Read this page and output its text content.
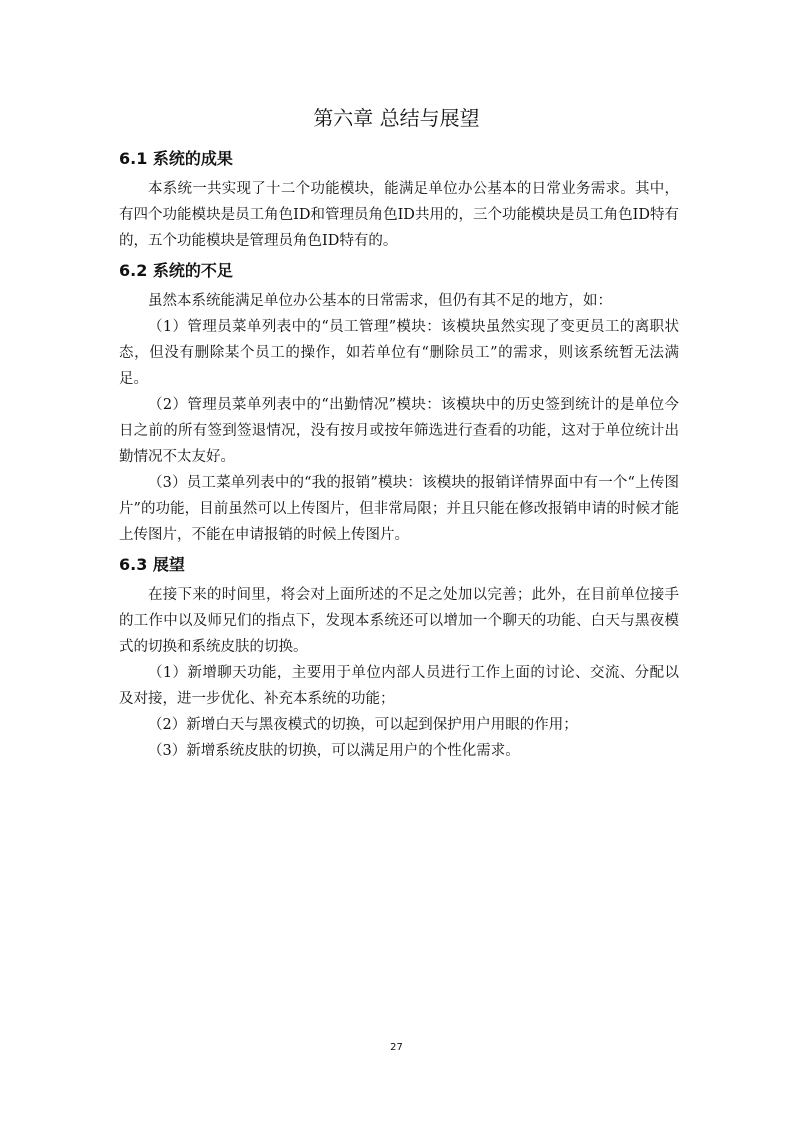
第六章 总结与展望
6.1 系统的成果

本系统一共实现了十二个功能模块，能满足单位办公基本的日常业务需求。其中，有四个功能模块是员工角色ID和管理员角色ID共用的，三个功能模块是员工角色ID特有的，五个功能模块是管理员角色ID特有的。

6.2 系统的不足

虽然本系统能满足单位办公基本的日常需求，但仍有其不足的地方，如：

（1）管理员菜单列表中的“员工管理”模块：该模块虽然实现了变更员工的离职状态，但没有删除某个员工的操作，如若单位有“删除员工”的需求，则该系统暂无法满足。

（2）管理员菜单列表中的“出勤情况”模块：该模块中的历史签到统计的是单位今日之前的所有签到签退情况，没有按月或按年筛选进行查看的功能，这对于单位统计出勤情况不太友好。

（3）员工菜单列表中的“我的报销”模块：该模块的报销详情界面中有一个“上传图片”的功能，目前虽然可以上传图片，但非常局限；并且只能在修改报销申请的时候才能上传图片，不能在申请报销的时候上传图片。

6.3 展望

在接下来的时间里，将会对上面所述的不足之处加以完善；此外，在目前单位接手的工作中以及师兄们的指点下，发现本系统还可以增加一个聊天的功能、白天与黑夜模式的切换和系统皮肤的切换。

（1）新增聊天功能，主要用于单位内部人员进行工作上面的讨论、交流、分配以及对接，进一步优化、补充本系统的功能；

（2）新增白天与黑夜模式的切换，可以起到保护用户用眼的作用；

（3）新增系统皮肤的切换，可以满足用户的个性化需求。

27
